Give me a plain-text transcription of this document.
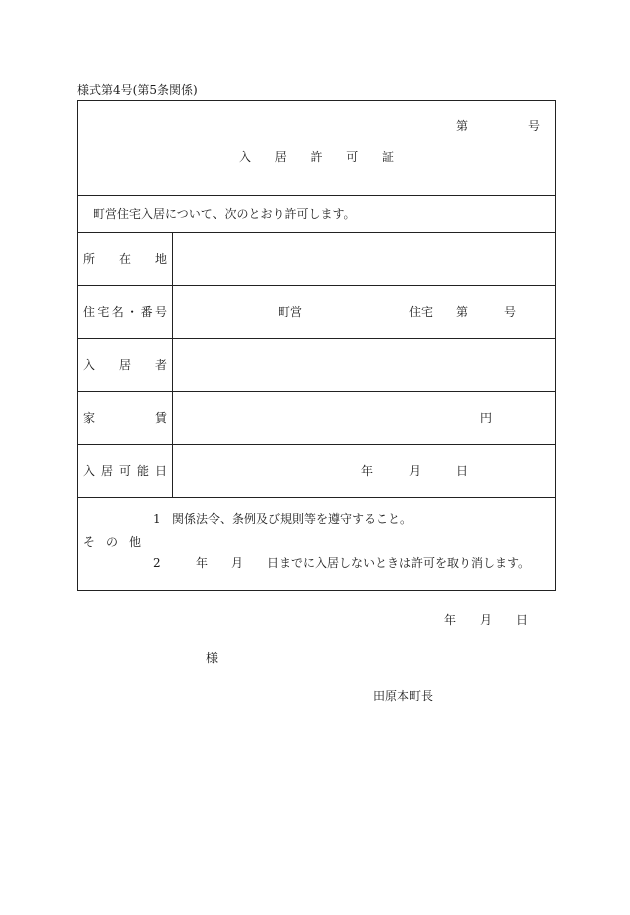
様式第4号(第5条関係)
第	号
入 居 許 可 証
町営住宅入居について、次のとおり許可します。
所 在 地
住 宅 名 ・ 番 号	町営	住宅 第	号
入 居 者
家	賃	円
入 居 可 能 日	年	月	日
そ の 他
1 関係法令、条例及び規則等を遵守すること。
2	年 月 日までに入居しないときは許可を取り消します。
年 月 日
様
田原本町長
